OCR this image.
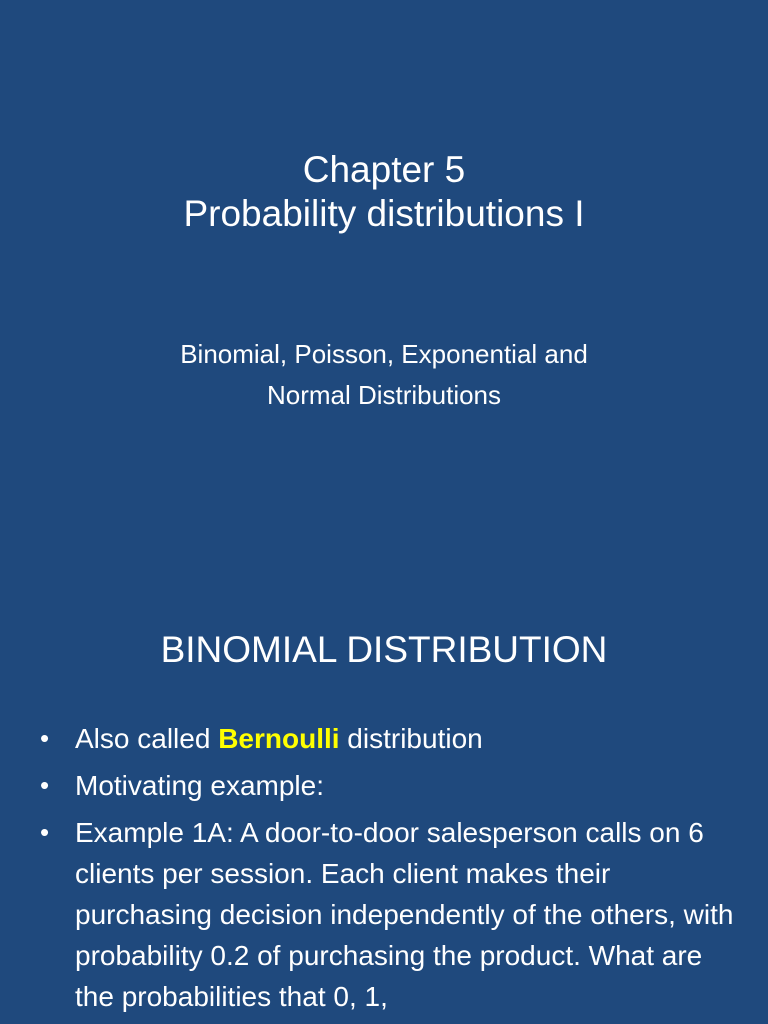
Chapter 5
Probability distributions I
Binomial, Poisson, Exponential and
Normal Distributions
BINOMIAL DISTRIBUTION
• Also called Bernoulli distribution
• Motivating example:
• Example 1A: A door-to-door salesperson calls on 6 clients per session. Each client makes their purchasing decision independently of the others, with probability 0.2 of purchasing the product. What are the probabilities that 0, 1,
